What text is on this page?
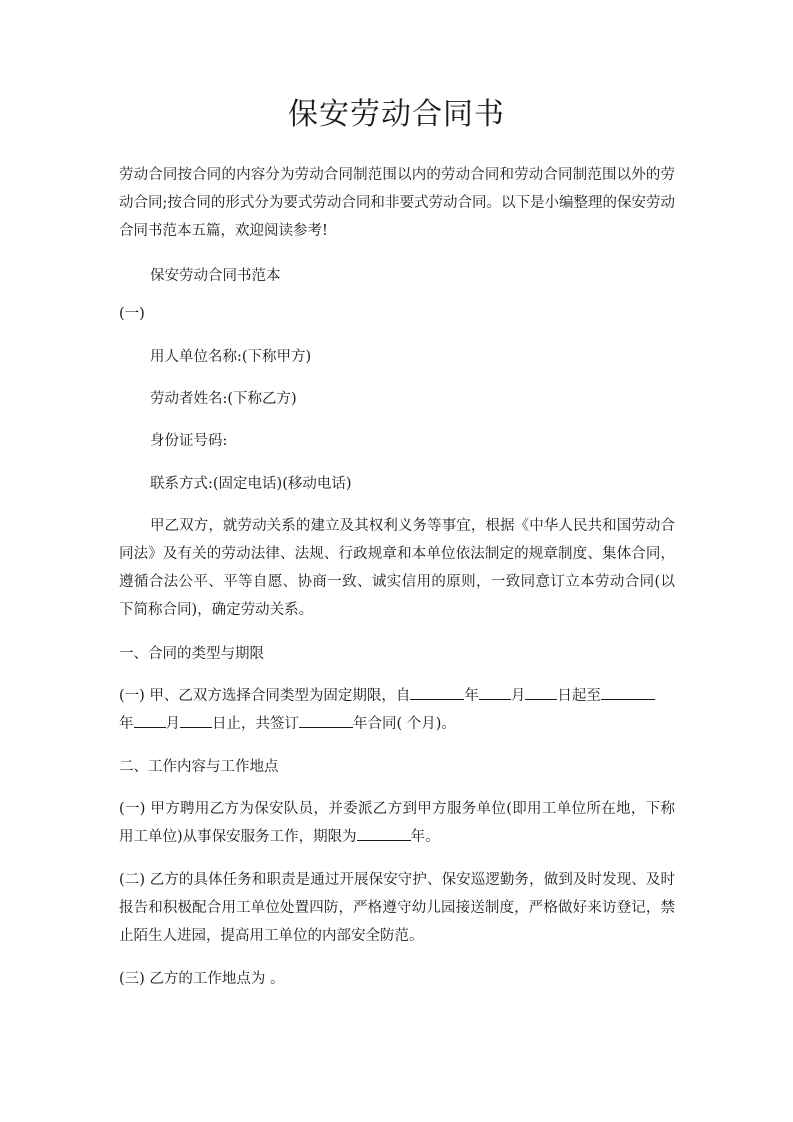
保安劳动合同书

劳动合同按合同的内容分为劳动合同制范围以内的劳动合同和劳动合同制范围以外的劳动合同;按合同的形式分为要式劳动合同和非要式劳动合同。以下是小编整理的保安劳动合同书范本五篇，欢迎阅读参考!

保安劳动合同书范本

(一)

用人单位名称:(下称甲方)

劳动者姓名:(下称乙方)

身份证号码:

联系方式:(固定电话)(移动电话)

甲乙双方，就劳动关系的建立及其权利义务等事宜，根据《中华人民共和国劳动合同法》及有关的劳动法律、法规、行政规章和本单位依法制定的规章制度、集体合同，遵循合法公平、平等自愿、协商一致、诚实信用的原则，一致同意订立本劳动合同(以下简称合同)，确定劳动关系。

一、合同的类型与期限

(一) 甲、乙双方选择合同类型为固定期限，自	年 月 日起至
年 月 日止，共签订	年合同( 个月)。

二、工作内容与工作地点

(一) 甲方聘用乙方为保安队员，并委派乙方到甲方服务单位(即用工单位所在地，下称用工单位)从事保安服务工作，期限为	年。

(二) 乙方的具体任务和职责是通过开展保安守护、保安巡逻勤务，做到及时发现、及时报告和积极配合用工单位处置四防，严格遵守幼儿园接送制度，严格做好来访登记，禁止陌生人进园，提高用工单位的内部安全防范。

(三) 乙方的工作地点为 。
